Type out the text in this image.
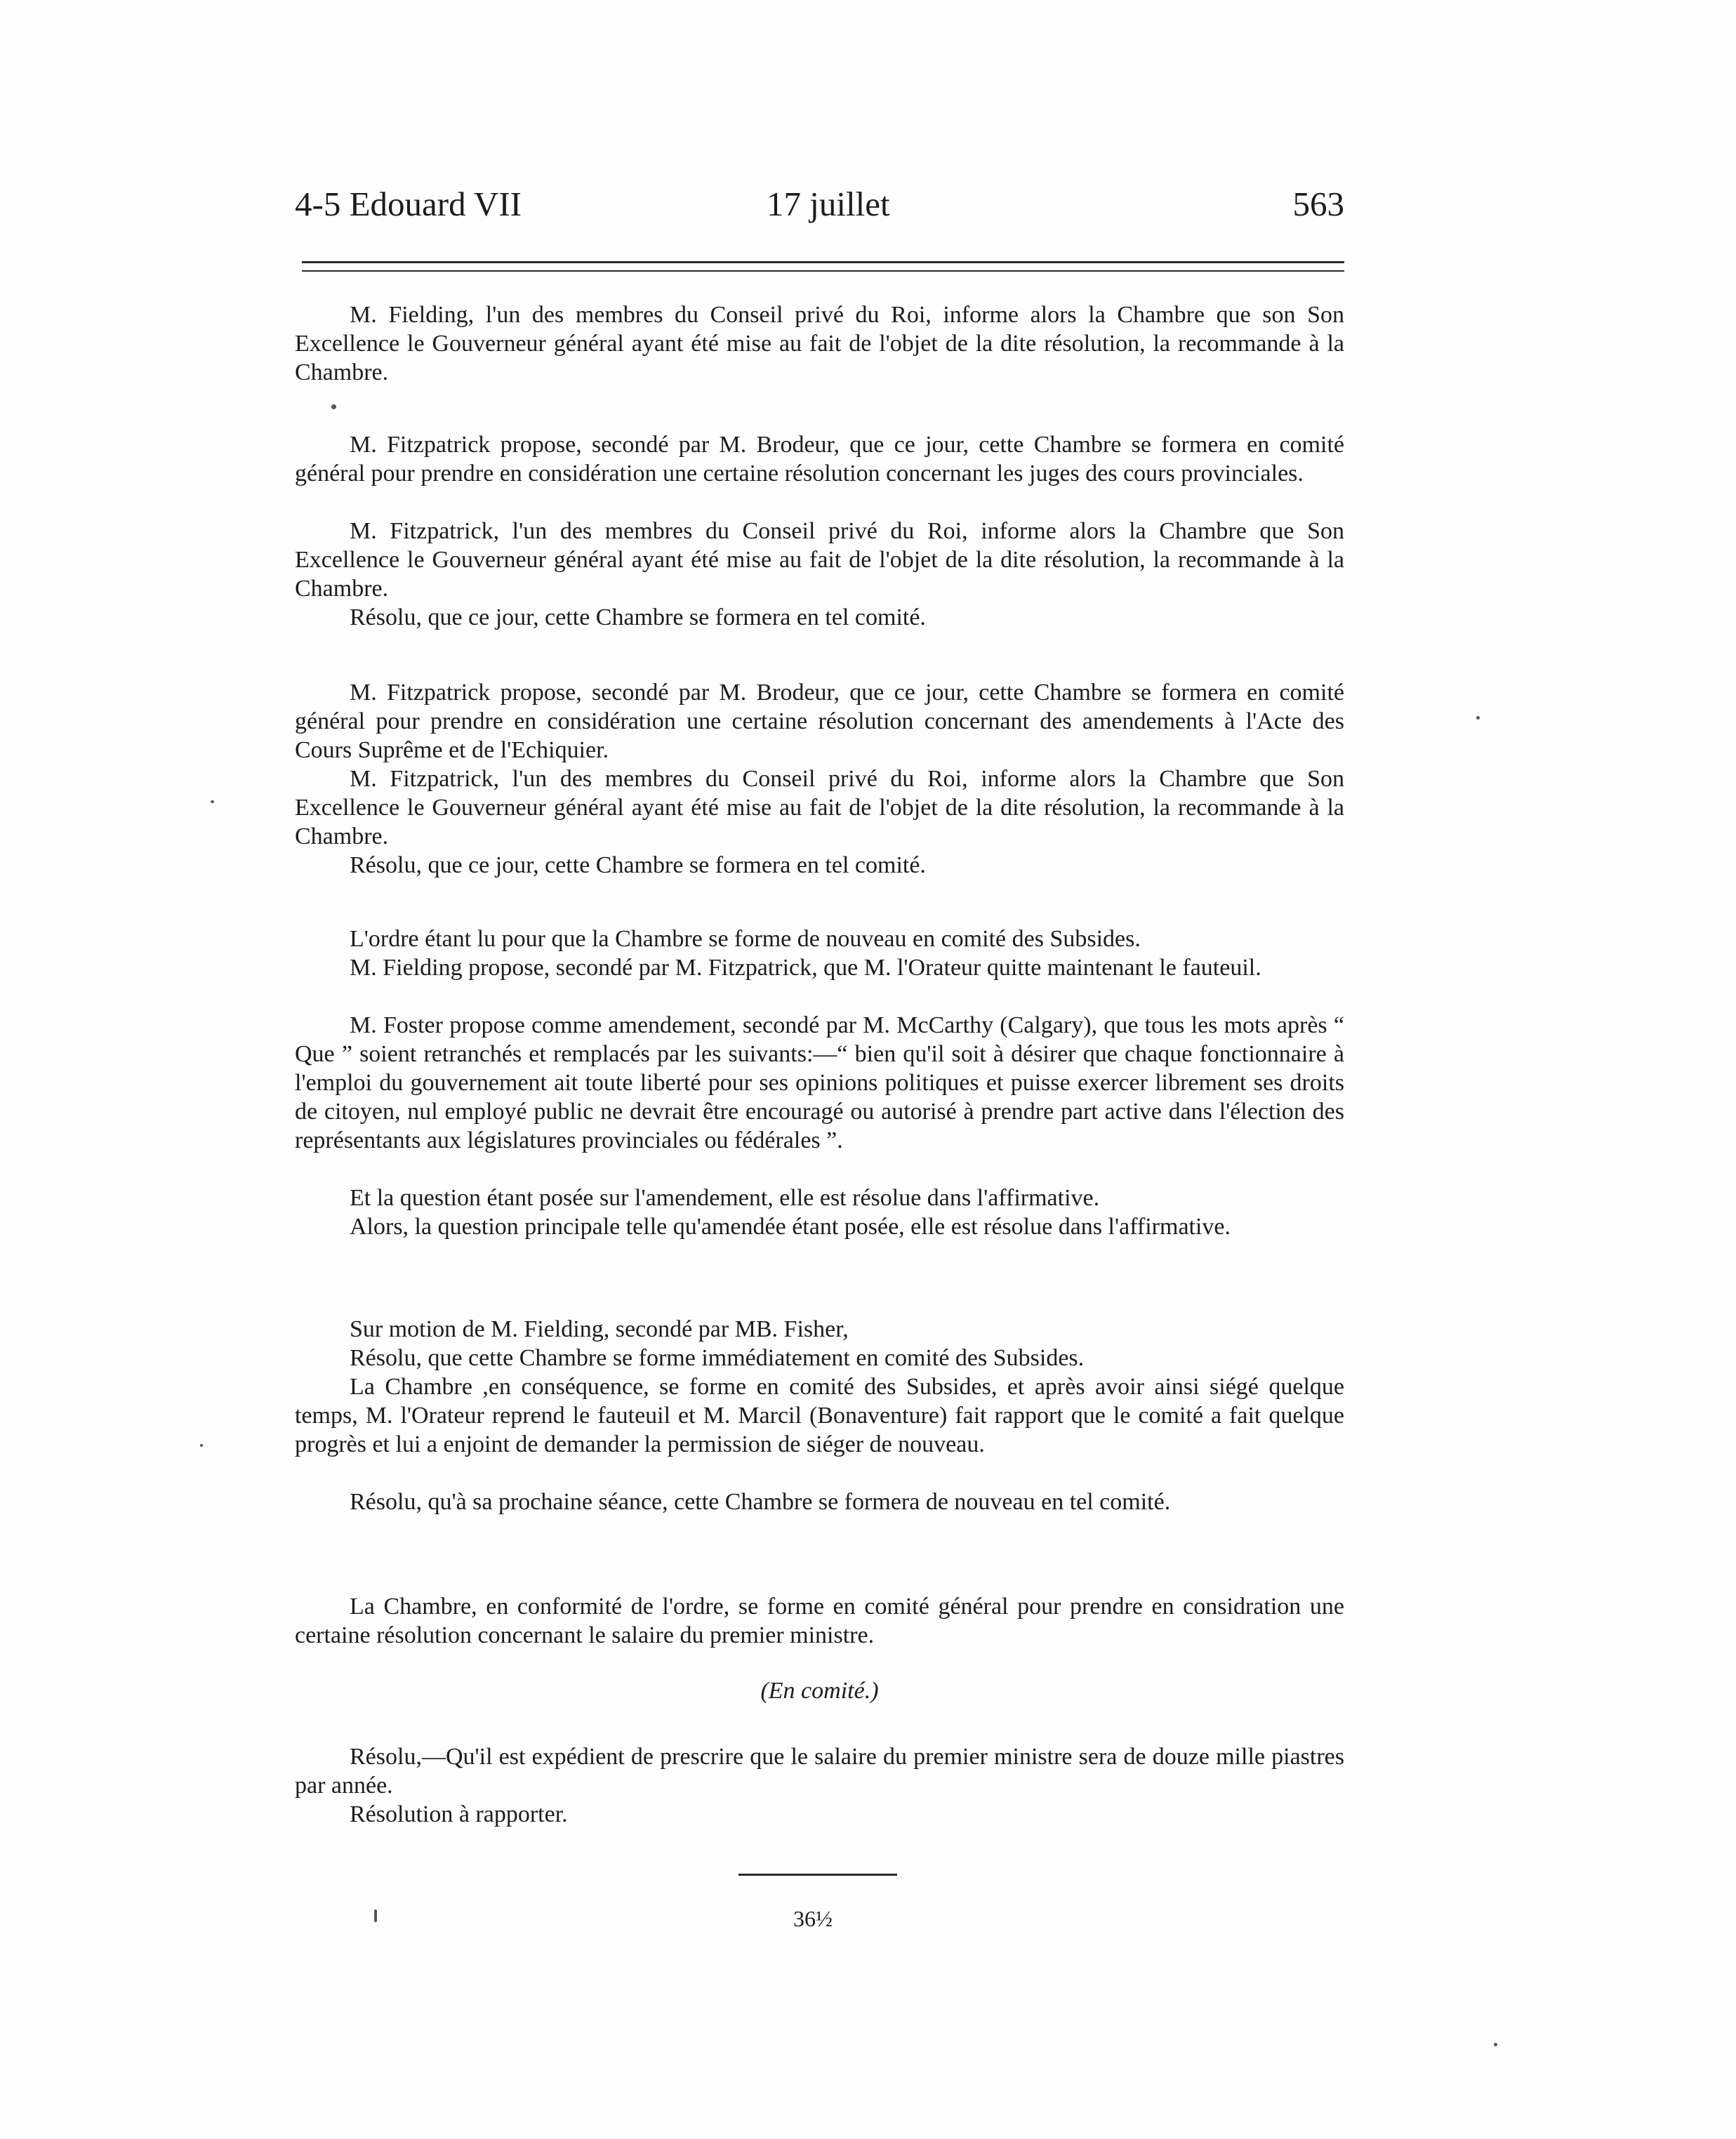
4-5 Edouard VII	17 juillet	563

M. Fielding, l'un des membres du Conseil privé du Roi, informe alors la Chambre que son Son Excellence le Gouverneur général ayant été mise au fait de l'objet de la dite résolution, la recommande à la Chambre.

M. Fitzpatrick propose, secondé par M. Brodeur, que ce jour, cette Chambre se formera en comité général pour prendre en considération une certaine résolution concernant les juges des cours provinciales.

M. Fitzpatrick, l'un des membres du Conseil privé du Roi, informe alors la Chambre que Son Excellence le Gouverneur général ayant été mise au fait de l'objet de la dite résolution, la recommande à la Chambre.

Résolu, que ce jour, cette Chambre se formera en tel comité.

M. Fitzpatrick propose, secondé par M. Brodeur, que ce jour, cette Chambre se formera en comité général pour prendre en considération une certaine résolution concernant des amendements à l'Acte des Cours Suprême et de l'Echiquier.

M. Fitzpatrick, l'un des membres du Conseil privé du Roi, informe alors la Chambre que Son Excellence le Gouverneur général ayant été mise au fait de l'objet de la dite résolution, la recommande à la Chambre.

Résolu, que ce jour, cette Chambre se formera en tel comité.

L'ordre étant lu pour que la Chambre se forme de nouveau en comité des Subsides.

M. Fielding propose, secondé par M. Fitzpatrick, que M. l'Orateur quitte maintenant le fauteuil.

M. Foster propose comme amendement, secondé par M. McCarthy (Calgary), que tous les mots après “ Que ” soient retranchés et remplacés par les suivants:—“ bien qu'il soit à désirer que chaque fonctionnaire à l'emploi du gouvernement ait toute liberté pour ses opinions politiques et puisse exercer librement ses droits de citoyen, nul employé public ne devrait être encouragé ou autorisé à prendre part active dans l'élection des représentants aux législatures provinciales ou fédérales ”.

Et la question étant posée sur l'amendement, elle est résolue dans l'affirmative.

Alors, la question principale telle qu'amendée étant posée, elle est résolue dans l'affirmative.

Sur motion de M. Fielding, secondé par MB. Fisher,

Résolu, que cette Chambre se forme immédiatement en comité des Subsides.

La Chambre ,en conséquence, se forme en comité des Subsides, et après avoir ainsi siégé quelque temps, M. l'Orateur reprend le fauteuil et M. Marcil (Bonaventure) fait rapport que le comité a fait quelque progrès et lui a enjoint de demander la permission de siéger de nouveau.

Résolu, qu'à sa prochaine séance, cette Chambre se formera de nouveau en tel comité.

La Chambre, en conformité de l'ordre, se forme en comité général pour prendre en considration une certaine résolution concernant le salaire du premier ministre.

(En comité.)

Résolu,—Qu'il est expédient de prescrire que le salaire du premier ministre sera de douze mille piastres par année.

Résolution à rapporter.

36½
